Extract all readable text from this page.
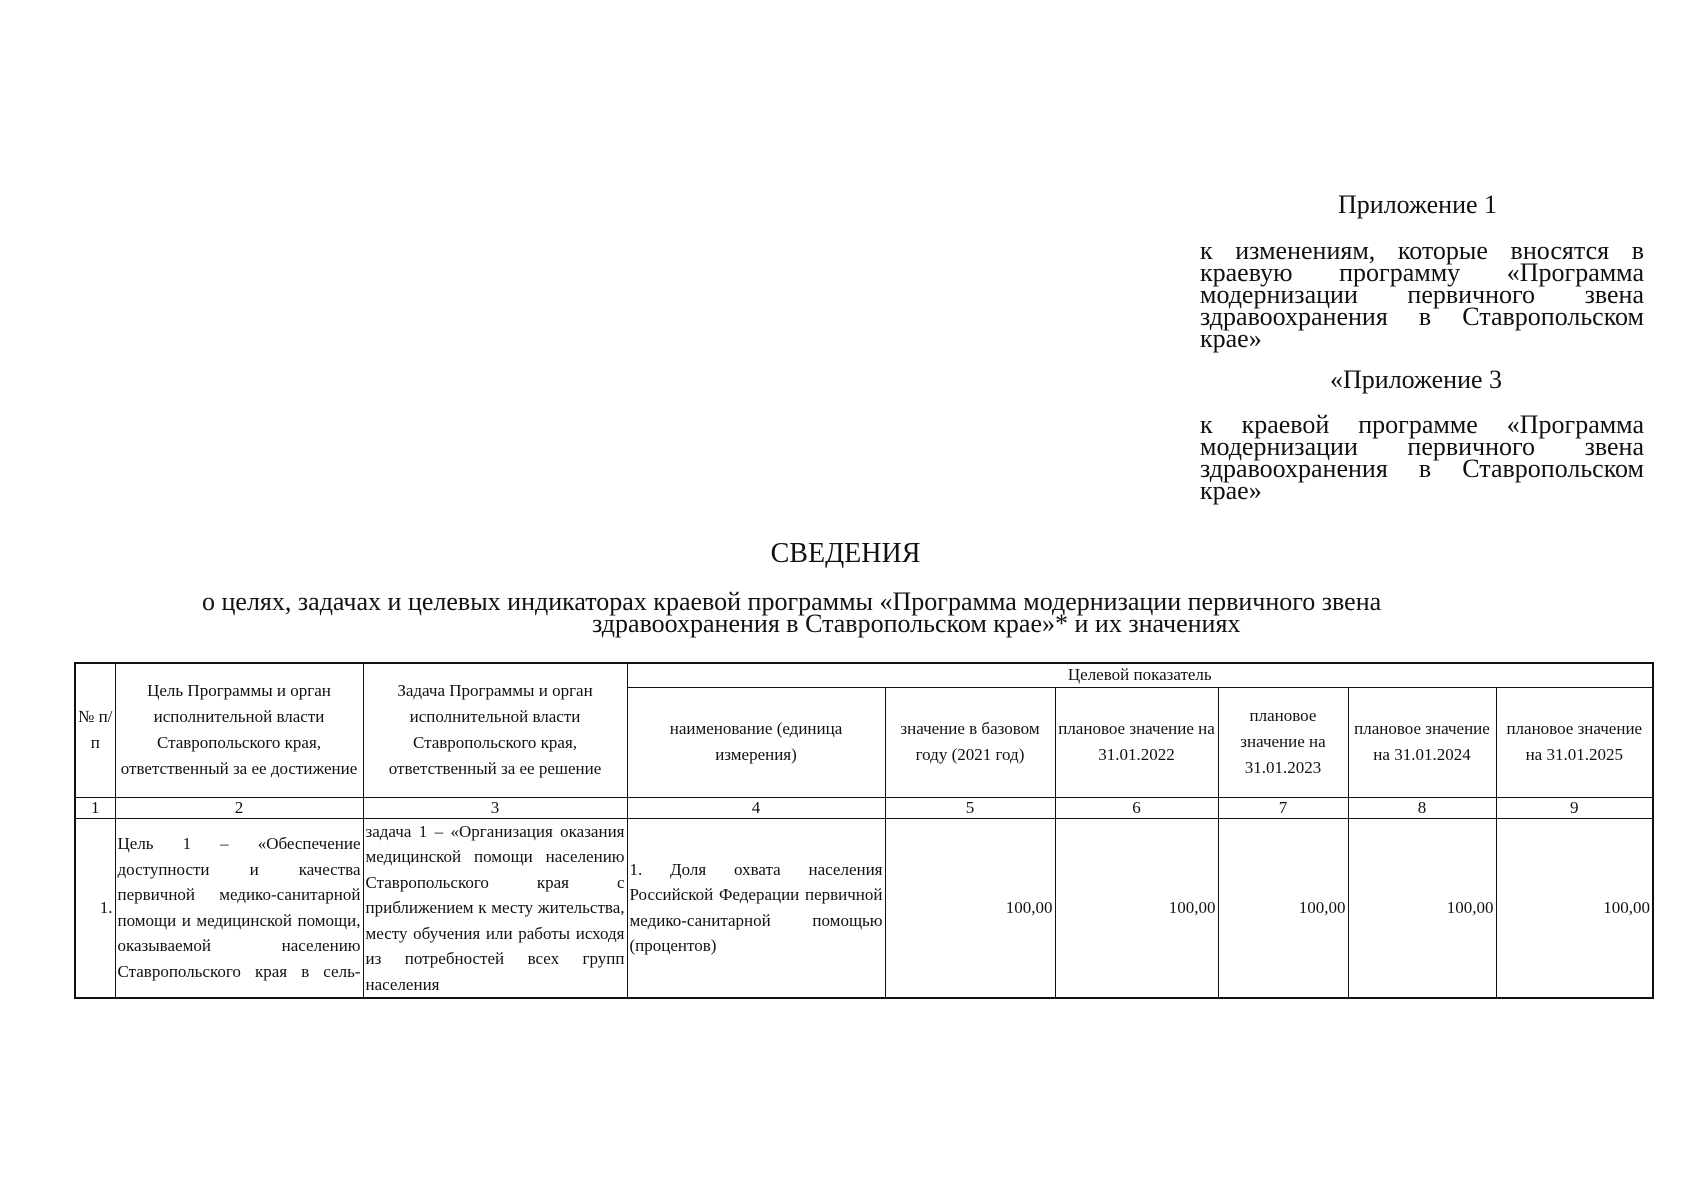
Приложение 1
к изменениям, которые вносятся в краевую программу «Программа модернизации первичного звена здравоохранения в Ставропольском крае»
«Приложение 3
к краевой программе «Программа модернизации первичного звена здравоохранения в Ставропольском крае»
СВЕДЕНИЯ
о целях, задачах и целевых индикаторах краевой программы «Программа модернизации первичного звена
здравоохранения в Ставропольском крае»* и их значениях
№ п/п	Цель Программы и орган исполнительной власти Ставропольского края, ответственный за ее достижение	Задача Программы и орган исполнительной власти Ставропольского края, ответственный за ее решение	Целевой показатель					
			наименование (единица измерения)	значение в базовом году (2021 год)	плановое значение на 31.01.2022	плановое значение на 31.01.2023	плановое значение на 31.01.2024	плановое значение на 31.01.2025
1	2	3	4	5	6	7	8	9
1.	Цель 1 – «Обеспечение доступности и качества первичной медико-санитарной помощи и медицинской помощи, оказываемой населению Ставропольского края в сель-	задача 1 – «Организация оказания медицинской помощи населению Ставропольского края с приближением к месту жительства, месту обучения или работы исходя из потребностей всех групп населения	1. Доля охвата населения Российской Федерации первичной медико-санитарной помощью (процентов)	100,00	100,00	100,00	100,00	100,00
